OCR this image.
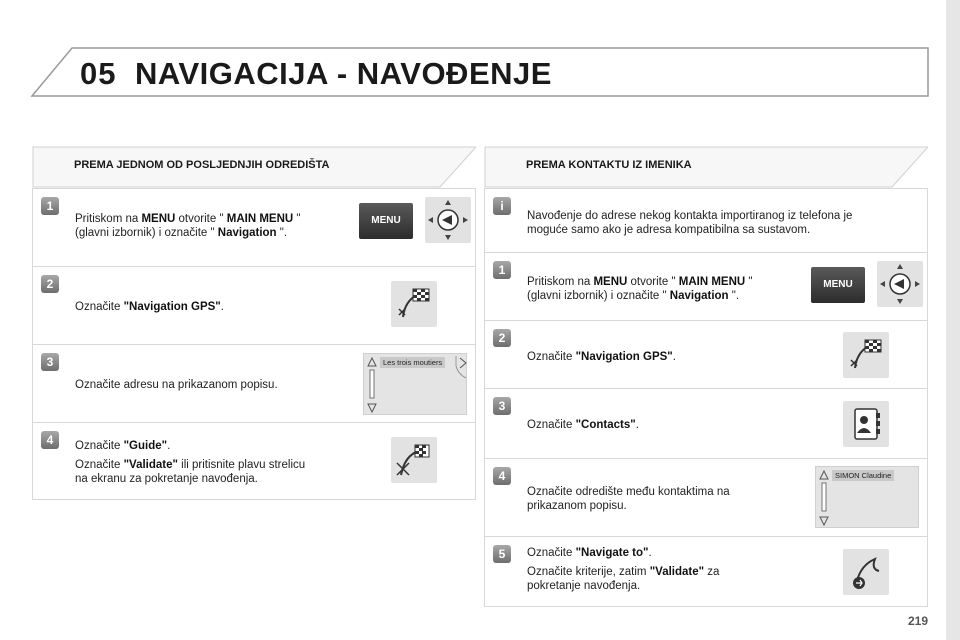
05 NAVIGACIJA - NAVOĐENJE
PREMA JEDNOM OD POSLJEDNJIH ODREDIŠTA
1
Pritiskom na MENU otvorite " MAIN MENU "
(glavni izbornik) i označite " Navigation ".
MENU
2
Označite "Navigation GPS".
3
Označite adresu na prikazanom popisu.
Les trois moutiers
4	Označite "Guide".
Označite "Validate" ili pritisnite plavu strelicu
na ekranu za pokretanje navođenja.
PREMA KONTAKTU IZ IMENIKA
i
Navođenje do adrese nekog kontakta importiranog iz telefona je
moguće samo ako je adresa kompatibilna sa sustavom.
1
Pritiskom na MENU otvorite " MAIN MENU "
(glavni izbornik) i označite " Navigation ".
MENU
2
Označite "Navigation GPS".
3
Označite "Contacts".
4
Označite odredište među kontaktima na
prikazanom popisu.
SIMON Claudine
5	Označite "Navigate to".
Označite kriterije, zatim "Validate" za
pokretanje navođenja.
219
